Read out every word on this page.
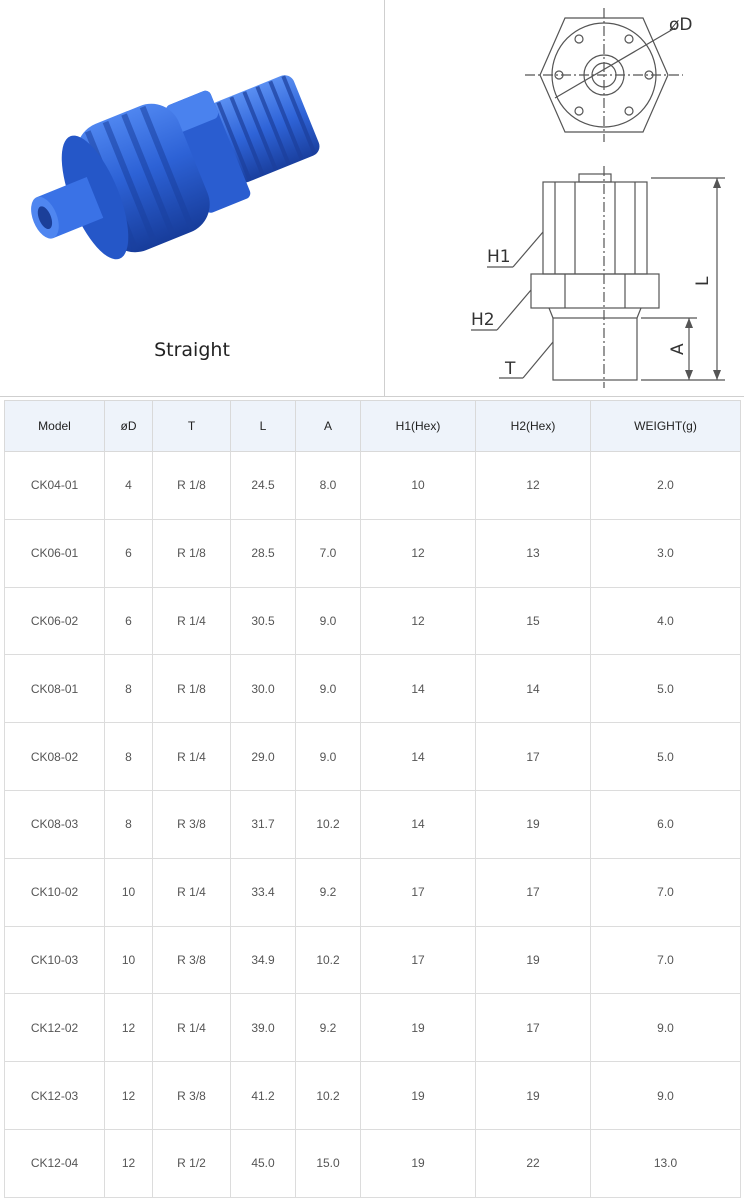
Straight
øD
H1
H2
T
L
A
Model	øD	T	L	A	H1(Hex)	H2(Hex)	WEIGHT(g)
CK04-01	4	R 1/8	24.5	8.0	10	12	2.0
CK06-01	6	R 1/8	28.5	7.0	12	13	3.0
CK06-02	6	R 1/4	30.5	9.0	12	15	4.0
CK08-01	8	R 1/8	30.0	9.0	14	14	5.0
CK08-02	8	R 1/4	29.0	9.0	14	17	5.0
CK08-03	8	R 3/8	31.7	10.2	14	19	6.0
CK10-02	10	R 1/4	33.4	9.2	17	17	7.0
CK10-03	10	R 3/8	34.9	10.2	17	19	7.0
CK12-02	12	R 1/4	39.0	9.2	19	17	9.0
CK12-03	12	R 3/8	41.2	10.2	19	19	9.0
CK12-04	12	R 1/2	45.0	15.0	19	22	13.0
